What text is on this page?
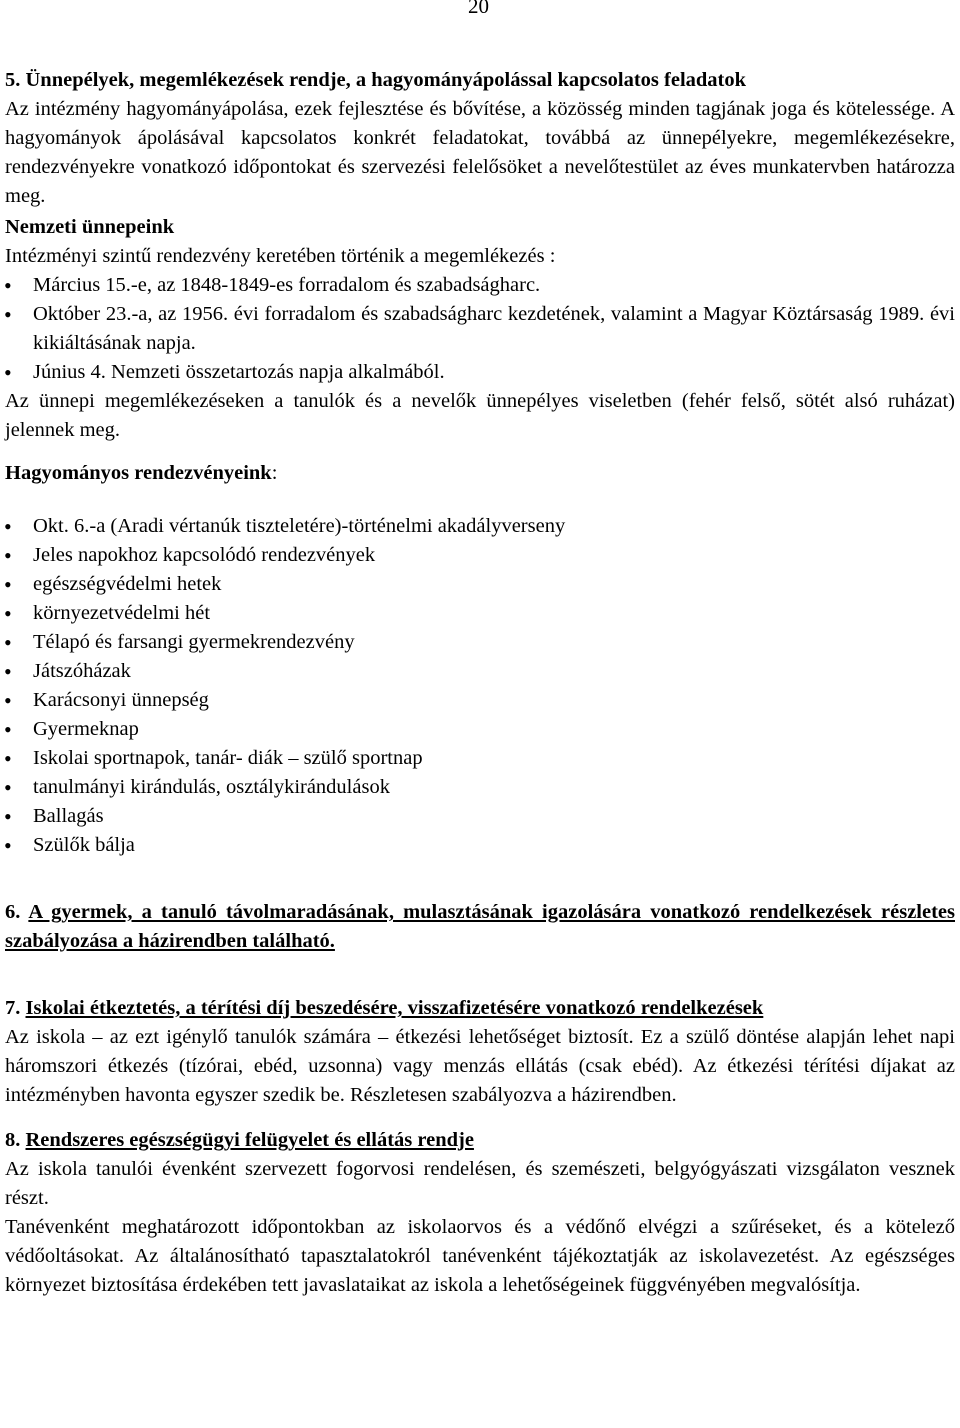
20

5. Ünnepélyek, megemlékezések rendje, a hagyományápolással kapcsolatos feladatok

Az intézmény hagyományápolása, ezek fejlesztése és bővítése, a közösség minden tagjának joga és kötelessége. A hagyományok ápolásával kapcsolatos konkrét feladatokat, továbbá az ünnepélyekre, megemlékezésekre, rendezvényekre vonatkozó időpontokat és szervezési felelősöket a nevelőtestület az éves munkatervben határozza meg.

Nemzeti ünnepeink

Intézményi szintű rendezvény keretében történik a megemlékezés :

• Március 15.-e, az 1848-1849-es forradalom és szabadságharc.
• Október 23.-a, az 1956. évi forradalom és szabadságharc kezdetének, valamint a Magyar Köztársaság 1989. évi kikiáltásának napja.
• Június 4. Nemzeti összetartozás napja alkalmából.

Az ünnepi megemlékezéseken a tanulók és a nevelők ünnepélyes viseletben (fehér felső, sötét alsó ruházat) jelennek meg.

Hagyományos rendezvényeink:

• Okt. 6.-a (Aradi vértanúk tiszteletére)-történelmi akadályverseny
• Jeles napokhoz kapcsolódó rendezvények
• egészségvédelmi hetek
• környezetvédelmi hét
• Télapó és farsangi gyermekrendezvény
• Játszóházak
• Karácsonyi ünnepség
• Gyermeknap
• Iskolai sportnapok, tanár- diák – szülő sportnap
• tanulmányi kirándulás, osztálykirándulások
• Ballagás
• Szülők bálja

6. A gyermek, a tanuló távolmaradásának, mulasztásának igazolására vonatkozó rendelkezések részletes szabályozása a házirendben található.

7. Iskolai étkeztetés, a térítési díj beszedésére, visszafizetésére vonatkozó rendelkezések

Az iskola – az ezt igénylő tanulók számára – étkezési lehetőséget biztosít. Ez a szülő döntése alapján lehet napi háromszori étkezés (tízórai, ebéd, uzsonna) vagy menzás ellátás (csak ebéd). Az étkezési térítési díjakat az intézményben havonta egyszer szedik be. Részletesen szabályozva a házirendben.

8. Rendszeres egészségügyi felügyelet és ellátás rendje

Az iskola tanulói évenként szervezett fogorvosi rendelésen, és szemészeti, belgyógyászati vizsgálaton vesznek részt.

Tanévenként meghatározott időpontokban az iskolaorvos és a védőnő elvégzi a szűréseket, és a kötelező védőoltásokat. Az általánosítható tapasztalatokról tanévenként tájékoztatják az iskolavezetést. Az egészséges környezet biztosítása érdekében tett javaslataikat az iskola a lehetőségeinek függvényében megvalósítja.
